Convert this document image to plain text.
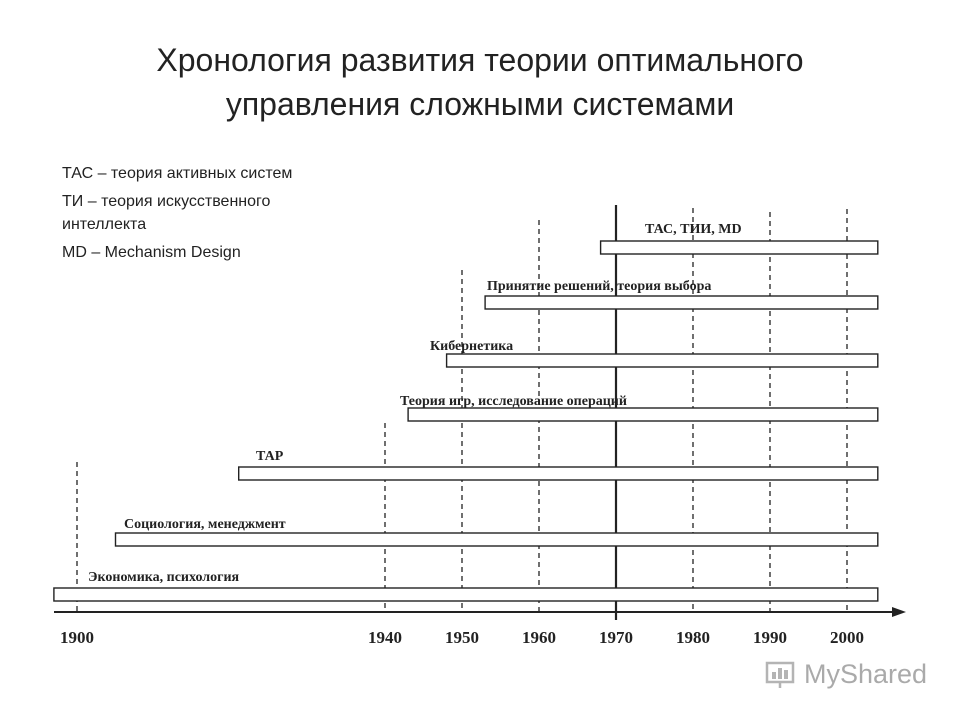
Хронология развития теории оптимального
управления сложными системами

ТАС – теория активных систем

ТИ – теория искусственного интеллекта

MD – Mechanism Design

Экономика, психология
Социология, менеджмент
ТАР
Теория игр, исследование операций
Кибернетика
Принятие решений, теория выбора
ТАС, ТИИ, MD
1900	1940	1950	1960	1970	1980	1990	2000
MyShared
